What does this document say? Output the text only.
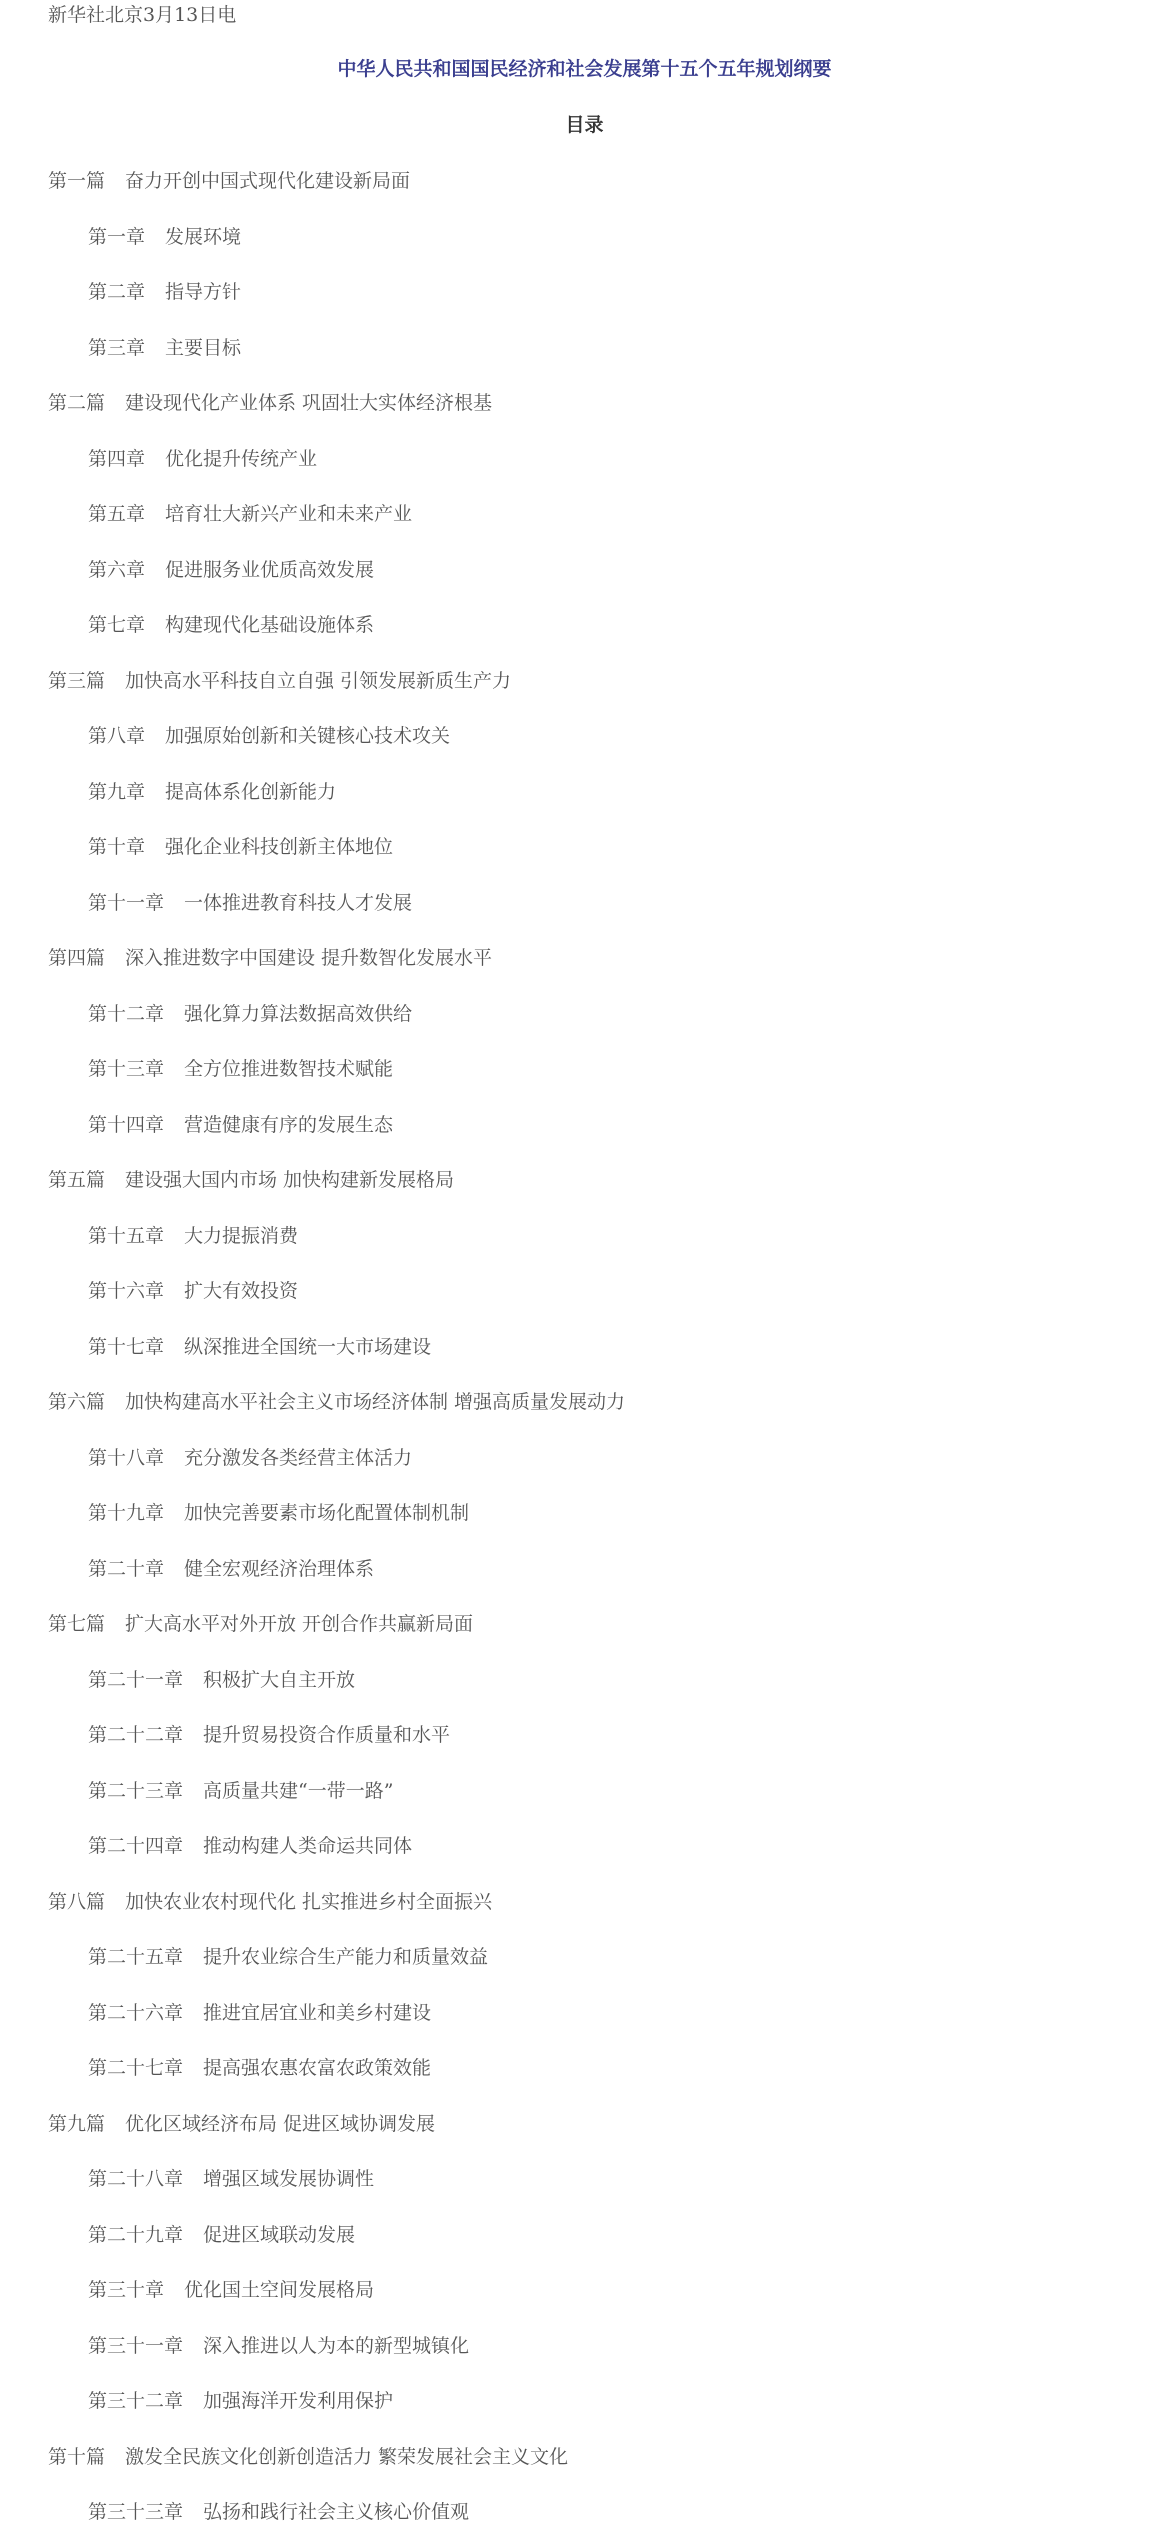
新华社北京3月13日电
中华人民共和国国民经济和社会发展第十五个五年规划纲要
目录
第一篇 奋力开创中国式现代化建设新局面
第一章 发展环境
第二章 指导方针
第三章 主要目标
第二篇 建设现代化产业体系 巩固壮大实体经济根基
第四章 优化提升传统产业
第五章 培育壮大新兴产业和未来产业
第六章 促进服务业优质高效发展
第七章 构建现代化基础设施体系
第三篇 加快高水平科技自立自强 引领发展新质生产力
第八章 加强原始创新和关键核心技术攻关
第九章 提高体系化创新能力
第十章 强化企业科技创新主体地位
第十一章 一体推进教育科技人才发展
第四篇 深入推进数字中国建设 提升数智化发展水平
第十二章 强化算力算法数据高效供给
第十三章 全方位推进数智技术赋能
第十四章 营造健康有序的发展生态
第五篇 建设强大国内市场 加快构建新发展格局
第十五章 大力提振消费
第十六章 扩大有效投资
第十七章 纵深推进全国统一大市场建设
第六篇 加快构建高水平社会主义市场经济体制 增强高质量发展动力
第十八章 充分激发各类经营主体活力
第十九章 加快完善要素市场化配置体制机制
第二十章 健全宏观经济治理体系
第七篇 扩大高水平对外开放 开创合作共赢新局面
第二十一章 积极扩大自主开放
第二十二章 提升贸易投资合作质量和水平
第二十三章 高质量共建“一带一路”
第二十四章 推动构建人类命运共同体
第八篇 加快农业农村现代化 扎实推进乡村全面振兴
第二十五章 提升农业综合生产能力和质量效益
第二十六章 推进宜居宜业和美乡村建设
第二十七章 提高强农惠农富农政策效能
第九篇 优化区域经济布局 促进区域协调发展
第二十八章 增强区域发展协调性
第二十九章 促进区域联动发展
第三十章 优化国土空间发展格局
第三十一章 深入推进以人为本的新型城镇化
第三十二章 加强海洋开发利用保护
第十篇 激发全民族文化创新创造活力 繁荣发展社会主义文化
第三十三章 弘扬和践行社会主义核心价值观
